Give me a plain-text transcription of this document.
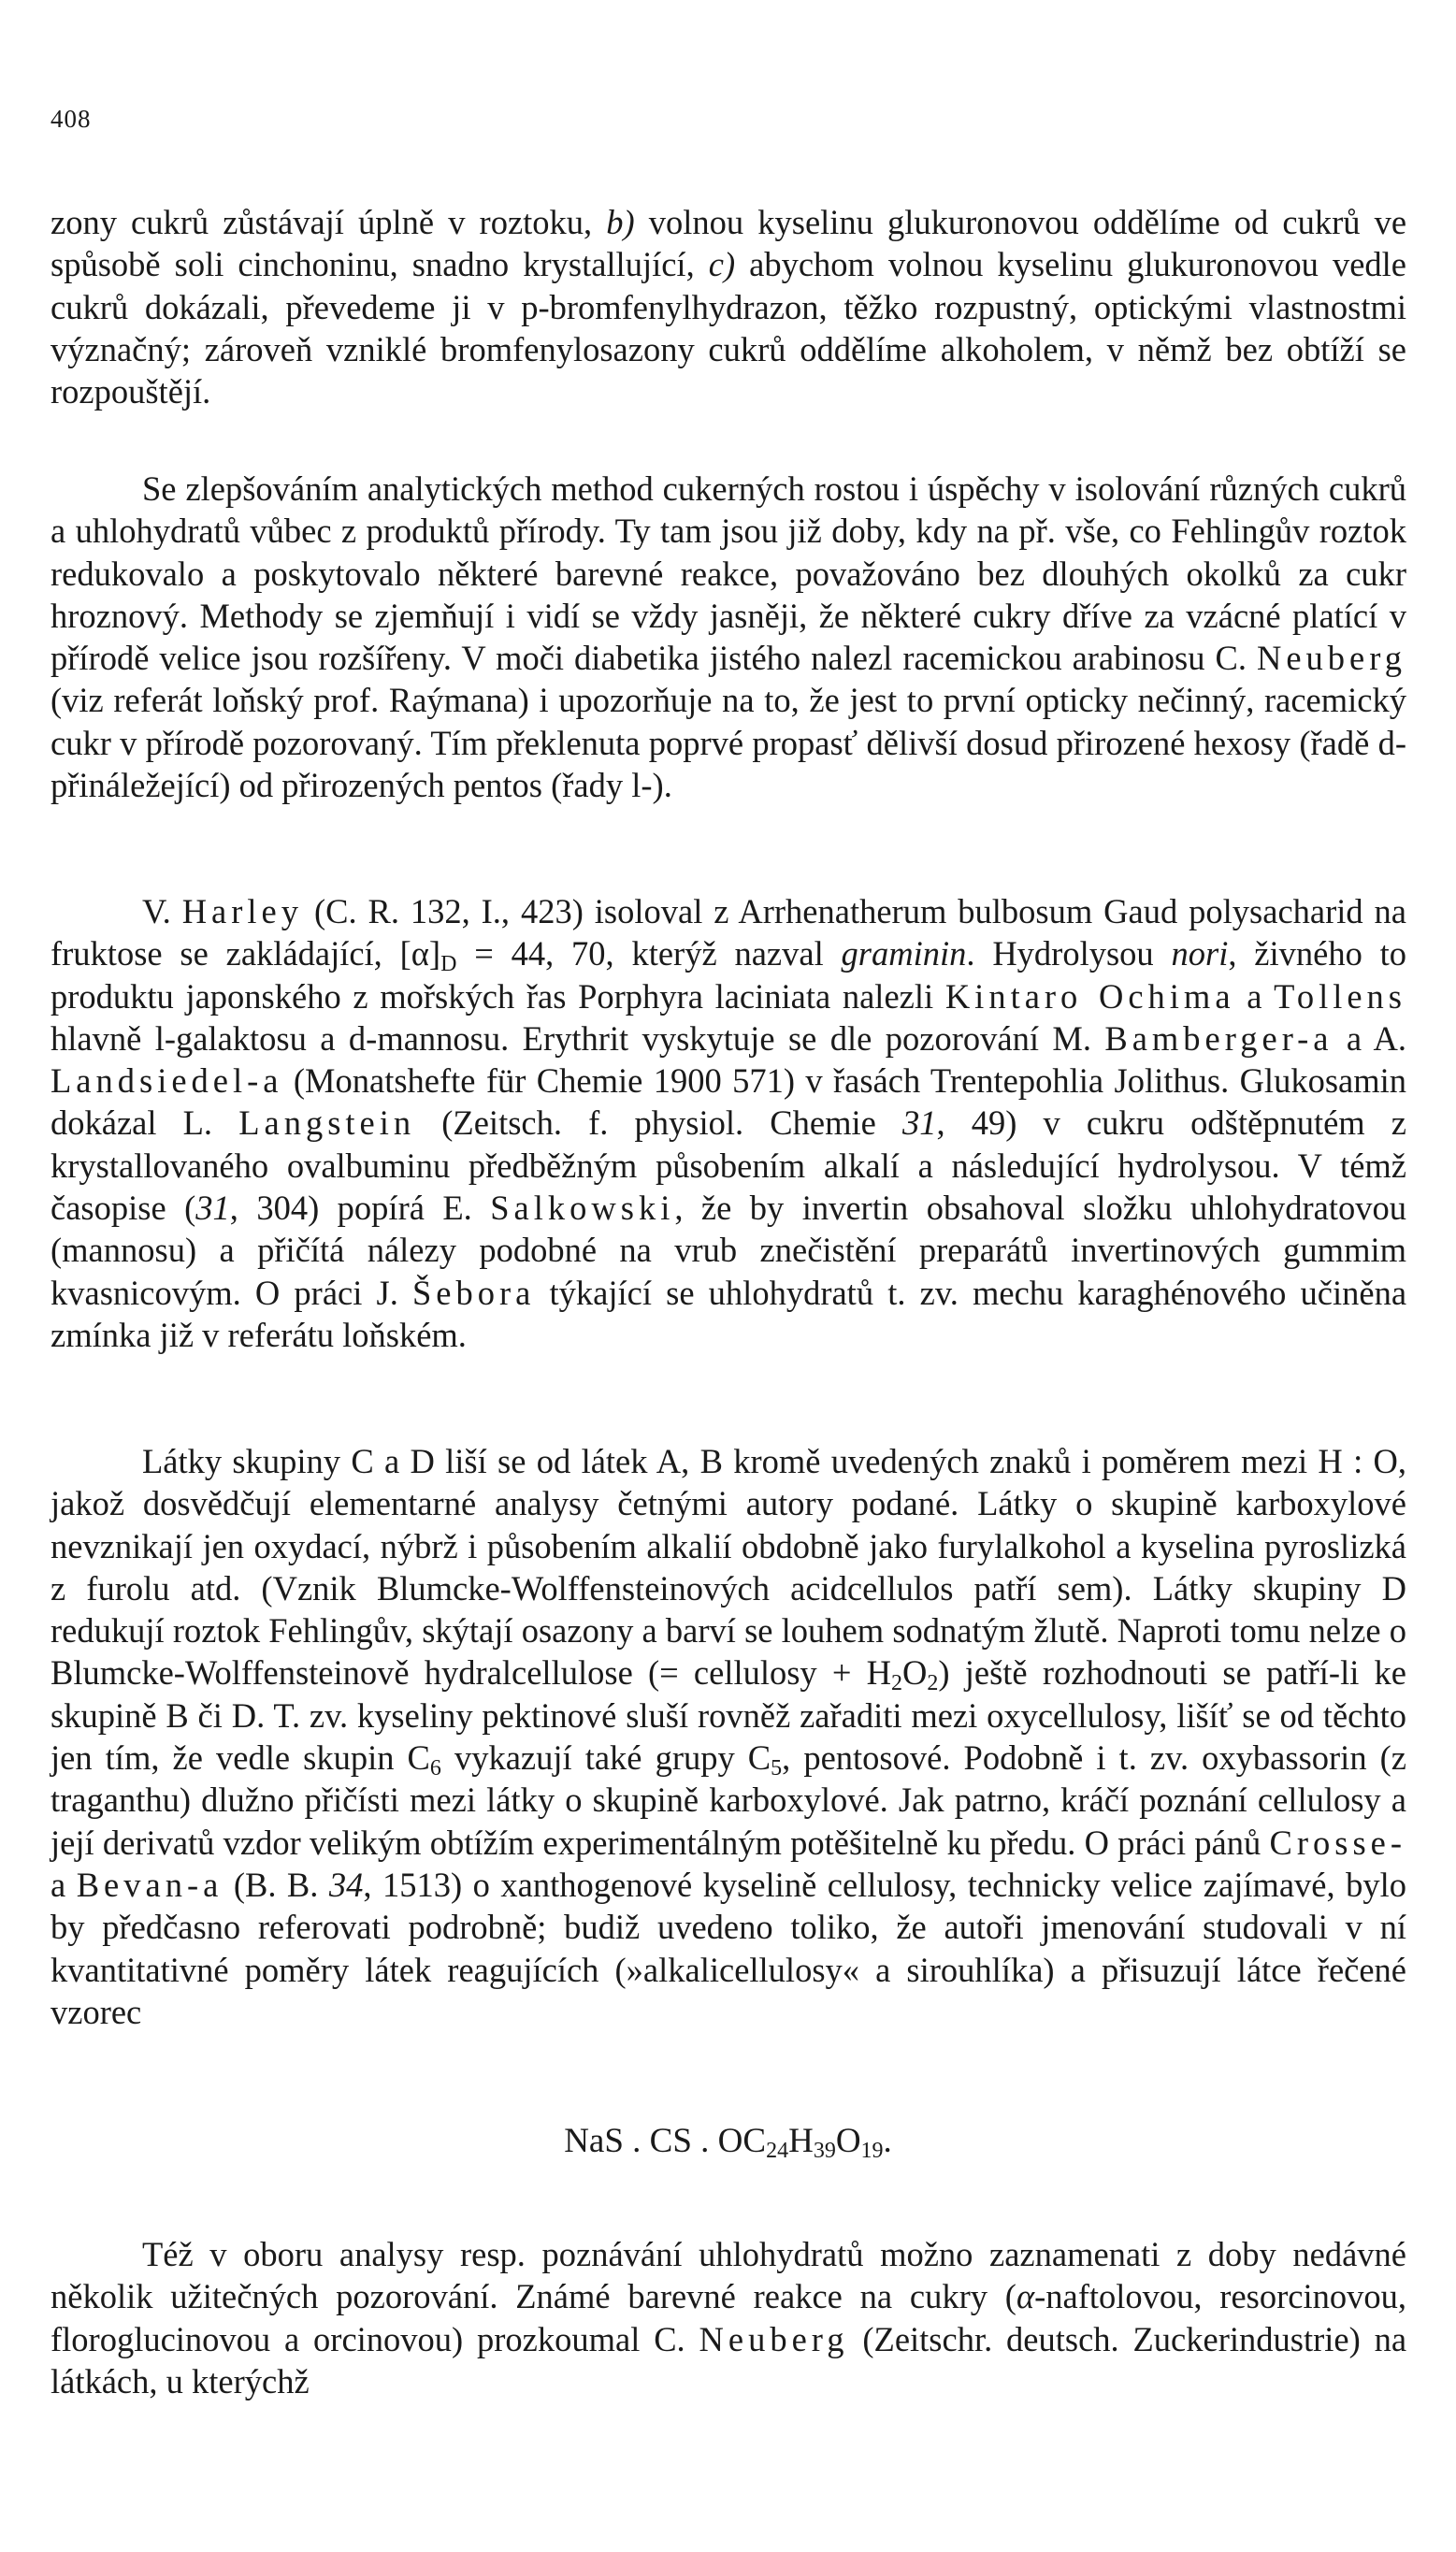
408

zony cukrů zůstávají úplně v roztoku, b) volnou kyselinu glukuronovou oddělíme od cukrů ve spůsobě soli cinchoninu, snadno krystallující, c) abychom volnou kyselinu glukuronovou vedle cukrů dokázali, převedeme ji v p-bromfenylhydrazon, těžko rozpustný, optickými vlastnostmi význačný; zároveň vzniklé bromfenylosazony cukrů oddělíme alkoholem, v němž bez obtíží se rozpouštějí.

Se zlepšováním analytických method cukerných rostou i úspěchy v isolování různých cukrů a uhlohydratů vůbec z produktů přírody. Ty tam jsou již doby, kdy na př. vše, co Fehlingův roztok redukovalo a poskytovalo některé barevné reakce, považováno bez dlouhých okolků za cukr hroznový. Methody se zjemňují i vidí se vždy jasněji, že některé cukry dříve za vzácné platící v přírodě velice jsou rozšířeny. V moči diabetika jistého nalezl racemickou arabinosu C. Neuberg (viz referát loňský prof. Raýmana) i upozorňuje na to, že jest to první opticky nečinný, racemický cukr v přírodě pozorovaný. Tím překlenuta poprvé propasť dělivší dosud přirozené hexosy (řadě d- přináležející) od přirozených pentos (řady l-).

V. Harley (C. R. 132, I., 423) isoloval z Arrhenatherum bulbosum Gaud polysacharid na fruktose se zakládající, $[\alpha]_D = 44$, 70, kterýž nazval graminin. Hydrolysou nori, živného to produktu japonského z mořských řas Porphyra laciniata nalezli Kintaro Ochima a Tollens hlavně l-galaktosu a d-mannosu. Erythrit vyskytuje se dle pozorování M. Bamberger-a a A. Landsiedel-a (Monatshefte für Chemie 1900 571) v řasách Trentepohlia Jolithus. Glukosamin dokázal L. Langstein (Zeitsch. f. physiol. Chemie 31, 49) v cukru odštěpnutém z krystallovaného ovalbuminu předběžným působením alkalí a následující hydrolysou. V témž časopise (31, 304) popírá E. Salkowski, že by invertin obsahoval složku uhlohydratovou (mannosu) a přičítá nálezy podobné na vrub znečistění preparátů invertinových gummim kvasnicovým. O práci J. Šebora týkající se uhlohydratů t. zv. mechu karaghénového učiněna zmínka již v referátu loňském.

Látky skupiny C a D liší se od látek A, B kromě uvedených znaků i poměrem mezi H : O, jakož dosvědčují elementarné analysy četnými autory podané. Látky o skupině karboxylové nevznikají jen oxydací, nýbrž i působením alkalií obdobně jako furylalkohol a kyselina pyroslizká z furolu atd. (Vznik Blumcke-Wolffensteinových acidcellulos patří sem). Látky skupiny D redukují roztok Fehlingův, skýtají osazony a barví se louhem sodnatým žlutě. Naproti tomu nelze o Blumcke-Wolffensteinově hydralcellulose (= cellulosy + $H_2O_2$) ještě rozhodnouti se patří-li ke skupině B či D. T. zv. kyseliny pektinové sluší rovněž zařaditi mezi oxycellulosy, lišíť se od těchto jen tím, že vedle skupin $C_6$ vykazují také grupy $C_5$, pentosové. Podobně i t. zv. oxybassorin (z traganthu) dlužno přičísti mezi látky o skupině karboxylové. Jak patrno, kráčí poznání cellulosy a její derivatů vzdor velikým obtížím experimentálným potěšitelně ku předu. O práci pánů Crosse- a Bevan-a (B. B. 34, 1513) o xanthogenové kyselině cellulosy, technicky velice zajímavé, bylo by předčasno referovati podrobně; budiž uvedeno toliko, že autoři jmenování studovali v ní kvantitativné poměry látek reagujících (»alkalicellulosy« a sirouhlíka) a přisuzují látce řečené vzorec

NaS . CS . $OC_{24}H_{39}O_{19}$.

Též v oboru analysy resp. poznávání uhlohydratů možno zaznamenati z doby nedávné několik užitečných pozorování. Známé barevné reakce na cukry (α-naftolovou, resorcinovou, floroglucinovou a orcinovou) prozkoumal C. Neuberg (Zeitschr. deutsch. Zuckerindustrie) na látkách, u kterýchž
